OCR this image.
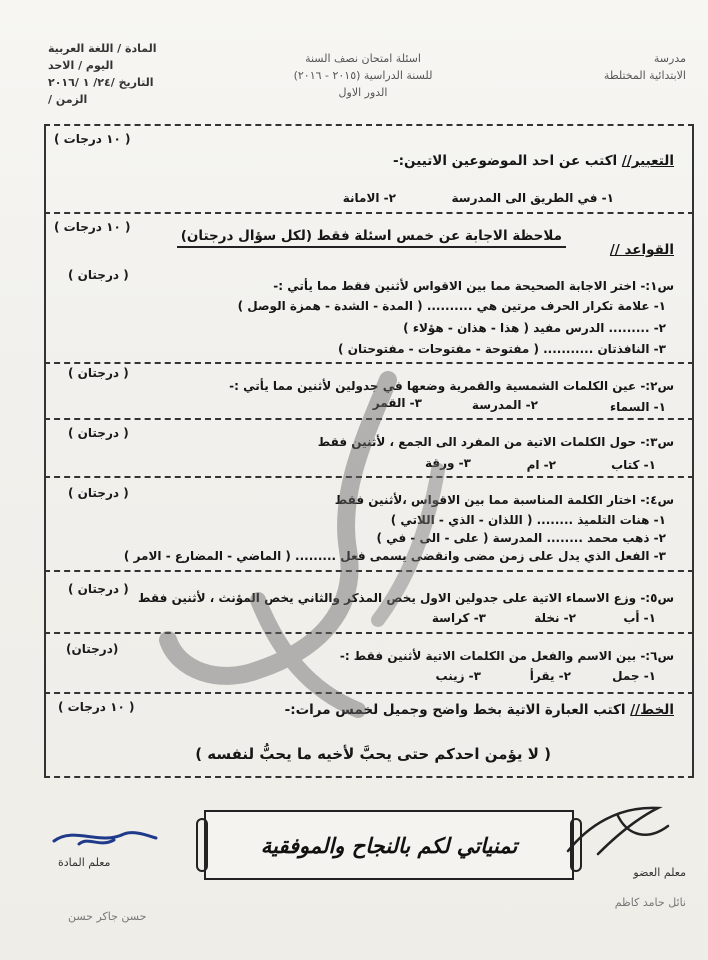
مدرسة
الابتدائية المختلطة
اسئلة امتحان نصف السنة
للسنة الدراسية (٢٠١٥ - ٢٠١٦)
الدور الاول
المادة / اللغة العربية
اليوم / الاحد
التاريخ /٢٤/ ١ /٢٠١٦
الزمن /
( ١٠ درجات )
التعبير// اكتب عن احد الموضوعين الاتيين:-
١- في الطريق الى المدرسة
٢- الامانة
( ١٠ درجات )
القواعد //
ملاحظة الاجابة عن خمس اسئلة فقط (لكل سؤال درجتان)
( درجتان )
س١:- اختر الاجابة الصحيحة مما بين الاقواس لأثنين فقط مما يأتي :-
١- علامة تكرار الحرف مرتين هي .......... ( المدة - الشدة - همزة الوصل )
٢- ......... الدرس مفيد ( هذا - هذان - هؤلاء )
٣- النافذتان ........... ( مفتوحة - مفتوحات - مفتوحتان )
( درجتان )
س٢:- عين الكلمات الشمسية والقمرية وضعها في جدولين لأثنين مما يأتي :-
١- السماء
٢- المدرسة
٣- القمر
( درجتان )
س٣:- حول الكلمات الاتية من المفرد الى الجمع ، لأثنين فقط
١- كتاب
٢- ام
٣- ورقة
( درجتان )	س٤:- اختار الكلمة المناسبة مما بين الاقواس ،لأثنين فقط
١- هنات التلميذ ........ ( اللذان - الذي - اللاتي )
٢- ذهب محمد ........ المدرسة ( على - الى - في )
٣- الفعل الذي يدل على زمن مضى وانقضى يسمى فعل ......... ( الماضي - المضارع - الامر )
( درجتان )
س٥:- وزع الاسماء الاتية على جدولين الاول يخص المذكر والثاني يخص المؤنث ، لأثنين فقط
١- أب
٢- نخلة
٣- كراسة
(درجتان)	س٦:- بين الاسم والفعل من الكلمات الاتية لأثنين فقط :-
١- جمل
٢- يقرأ
٣- زينب
( ١٠ درجات )	الخط// اكتب العبارة الاتية بخط واضح وجميل لخمس مرات:-
( لا يؤمن احدكم حتى يحبَّ لأخيه ما يحبُّ لنفسه )
تمنياتي لكم بالنجاح والموفقية
معلم المادة
حسن جاكر حسن
معلم العضو
نائل حامد كاظم
